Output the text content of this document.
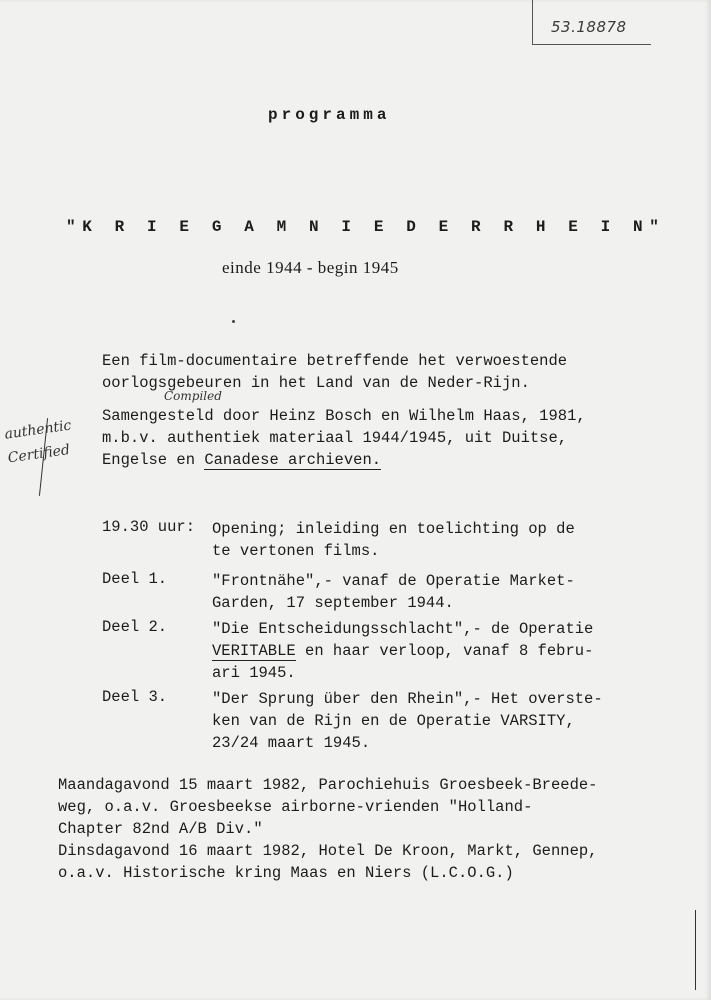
53.18878
programma
"K R I E G A M N I E D E R R H E I N"
einde 1944 - begin 1945
Een film-documentaire betreffende het verwoestende
oorlogsgebeuren in het Land van de Neder-Rijn.
Compiled
Samengesteld door Heinz Bosch en Wilhelm Haas, 1981,
m.b.v. authentiek materiaal 1944/1945, uit Duitse,
Engelse en Canadese archieven.
authentic
Certified
19.30 uur: Opening; inleiding en toelichting op de
te vertonen films.
Deel 1.	"Frontnähe",- vanaf de Operatie Market-
Garden, 17 september 1944.
Deel 2.	"Die Entscheidungsschlacht",- de Operatie
VERITABLE en haar verloop, vanaf 8 febru-
ari 1945.
Deel 3.	"Der Sprung über den Rhein",- Het overste-
ken van de Rijn en de Operatie VARSITY,
23/24 maart 1945.
Maandagavond 15 maart 1982, Parochiehuis Groesbeek-Breede-
weg, o.a.v. Groesbeekse airborne-vrienden "Holland-
Chapter 82nd A/B Div."
Dinsdagavond 16 maart 1982, Hotel De Kroon, Markt, Gennep,
o.a.v. Historische kring Maas en Niers (L.C.O.G.)
